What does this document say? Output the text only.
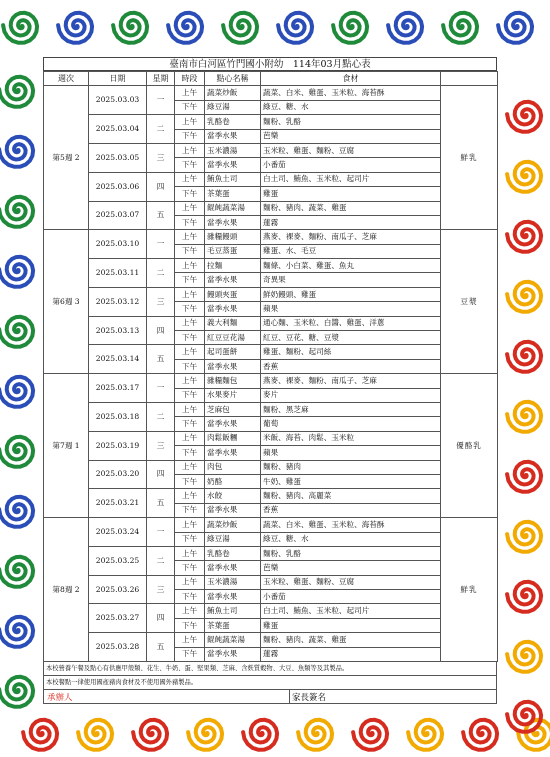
臺南市白河區竹門國小附幼　114年03月點心表
週次	日期	星期	時段	點心名稱	食材	
第5週 2	2025.03.03	一	上午	蔬菜炒飯	蔬菜、白米、雞蛋、玉米粒、海苔酥	鮮乳
			下午	綠豆湯	綠豆、糖、水	
	2025.03.04	二	上午	乳酪卷	麵粉、乳酪	
			下午	當季水果	芭樂	
	2025.03.05	三	上午	玉米濃湯	玉米粒、雞蛋、麵粉、豆腐	
			下午	當季水果	小番茄	
	2025.03.06	四	上午	鮪魚土司	白土司、鮪魚、玉米粒、起司片	
			下午	茶葉蛋	雞蛋	
	2025.03.07	五	上午	餛飩蔬菜湯	麵粉、豬肉、蔬菜、雞蛋	
			下午	當季水果	蓮霧	
第6週 3	2025.03.10	一	上午	雜糧饅頭	燕麥、裸麥、麵粉、南瓜子、芝麻	豆漿
			下午	毛豆蒸蛋	雞蛋、水、毛豆	
	2025.03.11	二	上午	拉麵	麵條、小白菜、雞蛋、魚丸	
			下午	當季水果	奇異果	
	2025.03.12	三	上午	饅頭夾蛋	鮮奶饅頭、雞蛋	
			下午	當季水果	蘋果	
	2025.03.13	四	上午	義大利麵	通心麵、玉米粒、白醬、雞蛋、洋蔥	
			下午	紅豆豆花湯	紅豆、豆花、糖、豆漿	
	2025.03.14	五	上午	起司蛋餅	雞蛋、麵粉、起司絲	
			下午	當季水果	香蕉	
第7週 1	2025.03.17	一	上午	雜糧麵包	燕麥、裸麥、麵粉、南瓜子、芝麻	優酪乳
			下午	水果麥片	麥片	
	2025.03.18	二	上午	芝麻包	麵粉、黑芝麻	
			下午	當季水果	葡萄	
	2025.03.19	三	上午	肉鬆飯糰	米飯、海苔、肉鬆、玉米粒	
			下午	當季水果	蘋果	
	2025.03.20	四	上午	肉包	麵粉、豬肉	
			下午	奶酪	牛奶、雞蛋	
	2025.03.21	五	上午	水餃	麵粉、豬肉、高麗菜	
			下午	當季水果	香蕉	
第8週 2	2025.03.24	一	上午	蔬菜炒飯	蔬菜、白米、雞蛋、玉米粒、海苔酥	鮮乳
			下午	綠豆湯	綠豆、糖、水	
	2025.03.25	二	上午	乳酪卷	麵粉、乳酪	
			下午	當季水果	芭樂	
	2025.03.26	三	上午	玉米濃湯	玉米粒、雞蛋、麵粉、豆腐	
			下午	當季水果	小番茄	
	2025.03.27	四	上午	鮪魚土司	白土司、鮪魚、玉米粒、起司片	
			下午	茶葉蛋	雞蛋	
	2025.03.28	五	上午	餛飩蔬菜湯	麵粉、豬肉、蔬菜、雞蛋	
			下午	當季水果	蓮霧	
本校營養午餐及點心有供應甲殼類、花生、牛奶、蛋、堅果類、芝麻、含麩質穀物、大豆、魚類等及其製品。
本校餐點一律使用國產豬肉食材及不使用國外豬製品。
承辦人	家長簽名
